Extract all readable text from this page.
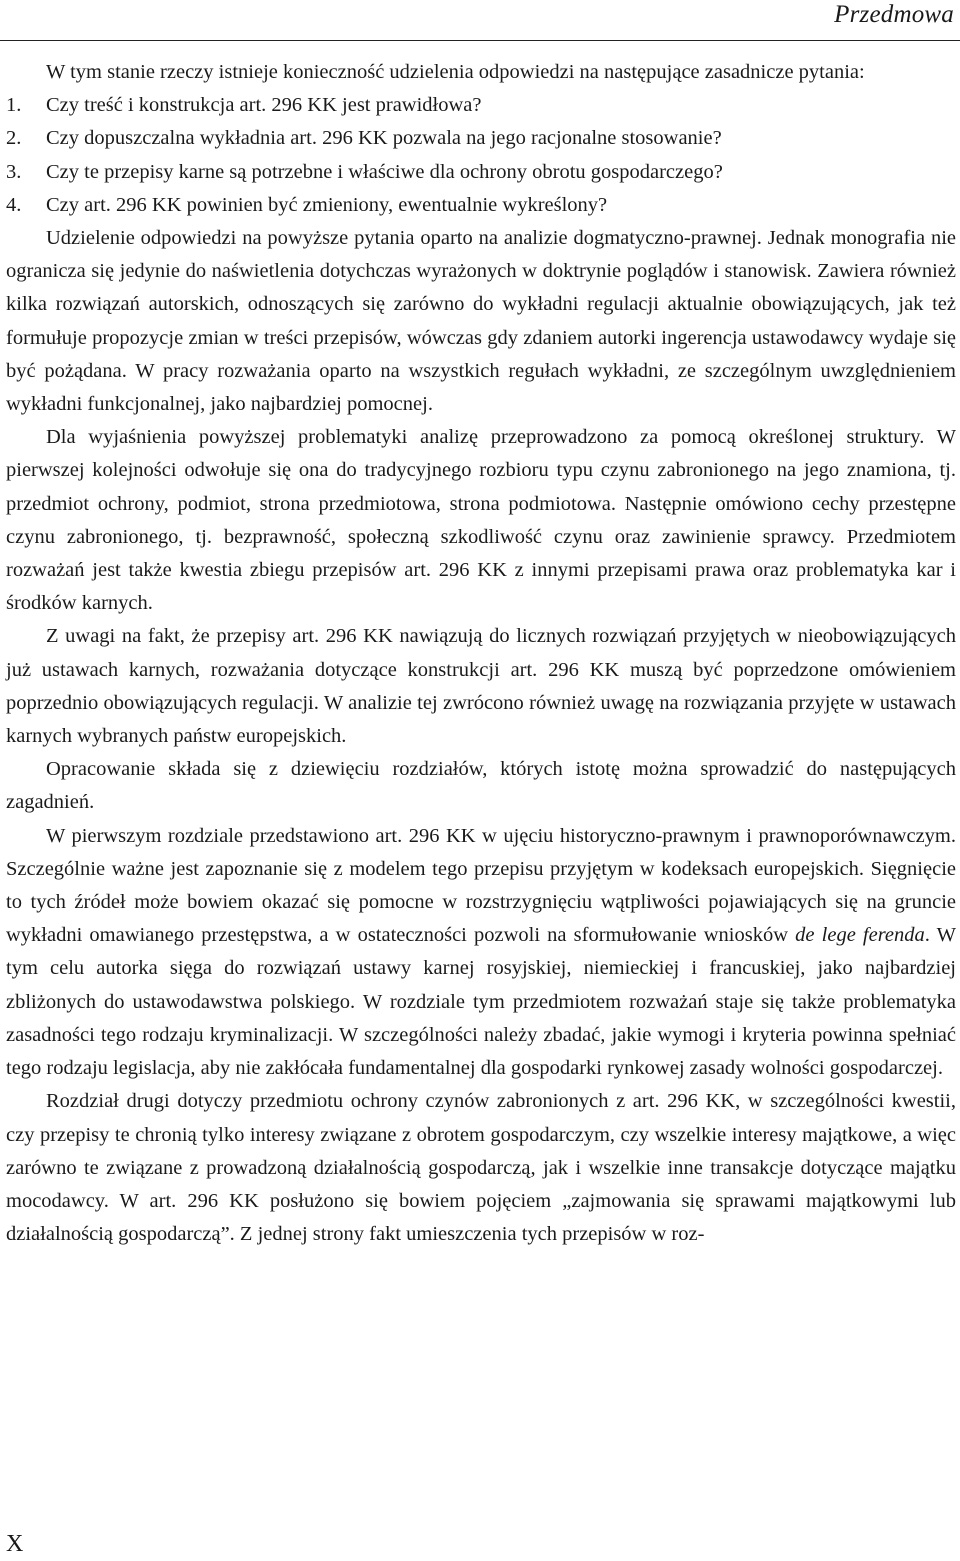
Przedmowa

W tym stanie rzeczy istnieje konieczność udzielenia odpowiedzi na następujące zasadnicze pytania:

1. Czy treść i konstrukcja art. 296 KK jest prawidłowa?

2. Czy dopuszczalna wykładnia art. 296 KK pozwala na jego racjonalne stosowanie?

3. Czy te przepisy karne są potrzebne i właściwe dla ochrony obrotu gospodarczego?

4. Czy art. 296 KK powinien być zmieniony, ewentualnie wykreślony?

Udzielenie odpowiedzi na powyższe pytania oparto na analizie dogmatyczno-prawnej. Jednak monografia nie ogranicza się jedynie do naświetlenia dotychczas wyrażonych w doktrynie poglądów i stanowisk. Zawiera również kilka rozwiązań autorskich, odnoszących się zarówno do wykładni regulacji aktualnie obowiązujących, jak też formułuje propozycje zmian w treści przepisów, wówczas gdy zdaniem autorki ingerencja ustawodawcy wydaje się być pożądana. W pracy rozważania oparto na wszystkich regułach wykładni, ze szczególnym uwzględnieniem wykładni funkcjonalnej, jako najbardziej pomocnej.

Dla wyjaśnienia powyższej problematyki analizę przeprowadzono za pomocą określonej struktury. W pierwszej kolejności odwołuje się ona do tradycyjnego rozbioru typu czynu zabronionego na jego znamiona, tj. przedmiot ochrony, podmiot, strona przedmiotowa, strona podmiotowa. Następnie omówiono cechy przestępne czynu zabronionego, tj. bezprawność, społeczną szkodliwość czynu oraz zawinienie sprawcy. Przedmiotem rozważań jest także kwestia zbiegu przepisów art. 296 KK z innymi przepisami prawa oraz problematyka kar i środków karnych.

Z uwagi na fakt, że przepisy art. 296 KK nawiązują do licznych rozwiązań przyjętych w nieobowiązujących już ustawach karnych, rozważania dotyczące konstrukcji art. 296 KK muszą być poprzedzone omówieniem poprzednio obowiązujących regulacji. W analizie tej zwrócono również uwagę na rozwiązania przyjęte w ustawach karnych wybranych państw europejskich.

Opracowanie składa się z dziewięciu rozdziałów, których istotę można sprowadzić do następujących zagadnień.

W pierwszym rozdziale przedstawiono art. 296 KK w ujęciu historyczno-prawnym i prawnoporównawczym. Szczególnie ważne jest zapoznanie się z modelem tego przepisu przyjętym w kodeksach europejskich. Sięgnięcie to tych źródeł może bowiem okazać się pomocne w rozstrzygnięciu wątpliwości pojawiających się na gruncie wykładni omawianego przestępstwa, a w ostateczności pozwoli na sformułowanie wniosków de lege ferenda. W tym celu autorka sięga do rozwiązań ustawy karnej rosyjskiej, niemieckiej i francuskiej, jako najbardziej zbliżonych do ustawodawstwa polskiego. W rozdziale tym przedmiotem rozważań staje się także problematyka zasadności tego rodzaju kryminalizacji. W szczególności należy zbadać, jakie wymogi i kryteria powinna spełniać tego rodzaju legislacja, aby nie zakłócała fundamentalnej dla gospodarki rynkowej zasady wolności gospodarczej.

Rozdział drugi dotyczy przedmiotu ochrony czynów zabronionych z art. 296 KK, w szczególności kwestii, czy przepisy te chronią tylko interesy związane z obrotem gospodarczym, czy wszelkie interesy majątkowe, a więc zarówno te związane z prowadzoną działalnością gospodarczą, jak i wszelkie inne transakcje dotyczące majątku mocodawcy. W art. 296 KK posłużono się bowiem pojęciem „zajmowania się sprawami majątkowymi lub działalnością gospodarczą”. Z jednej strony fakt umieszczenia tych przepisów w roz-

X
